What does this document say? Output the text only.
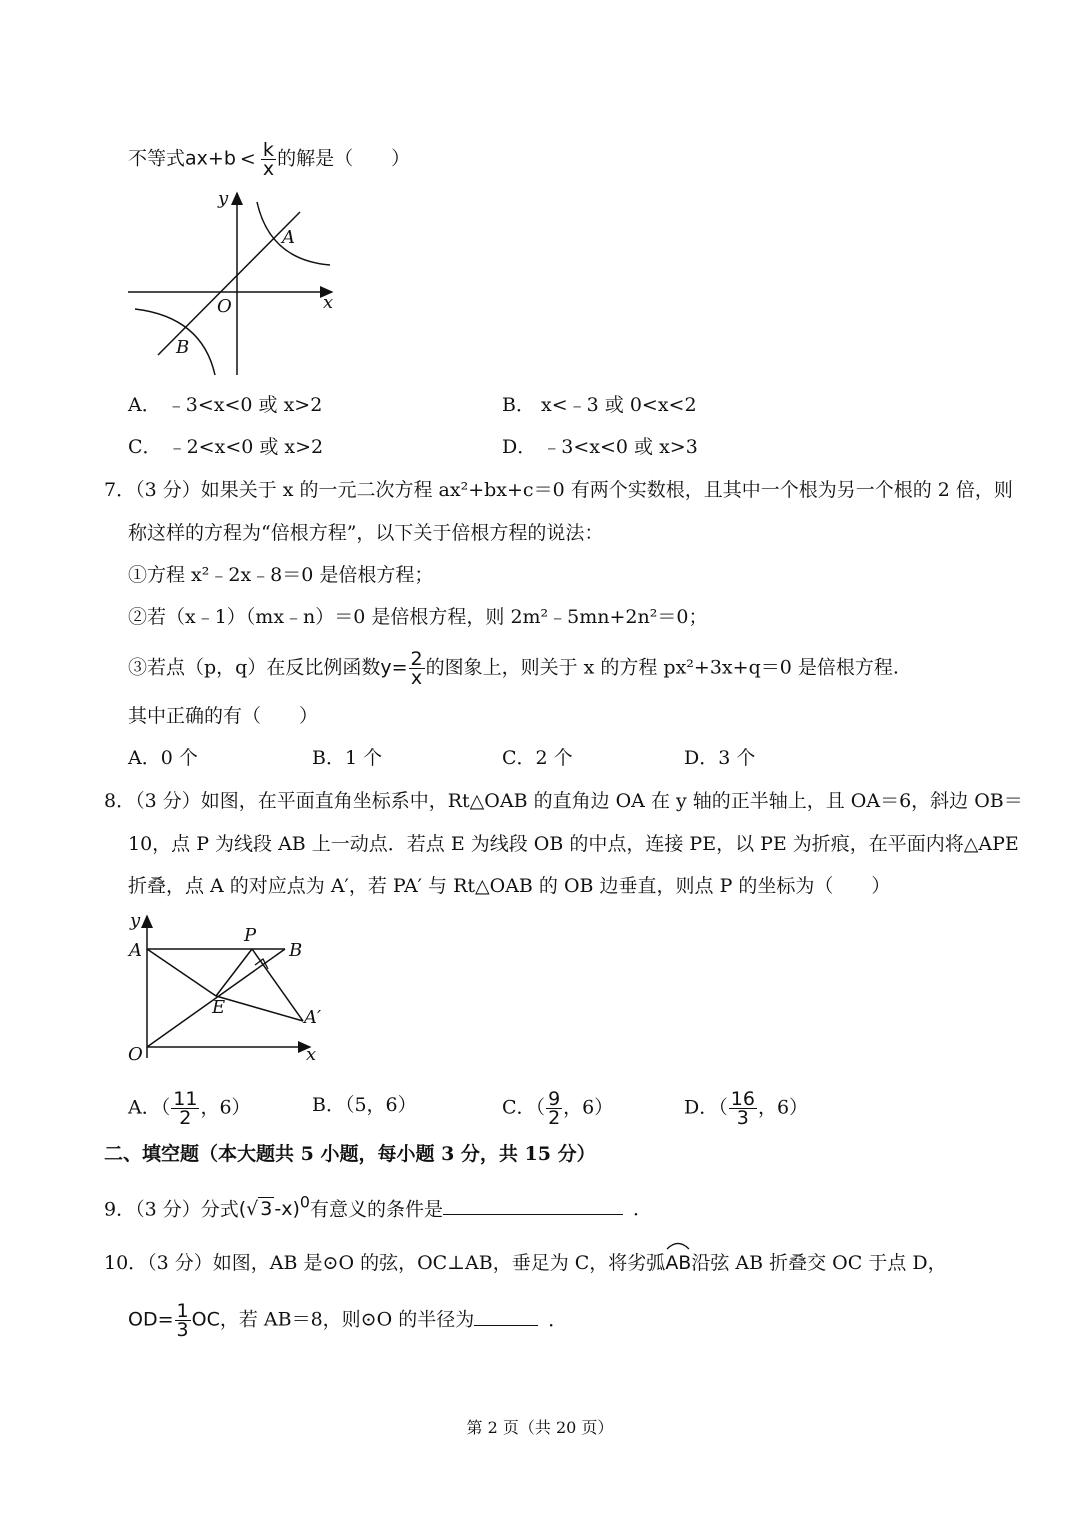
不等式$ax+b < \frac{k}{x}$ 的解是（　　）
y
x
O
A
B
A． ﹣3<x<0 或 x>2	B． x<﹣3 或 0<x<2
C． ﹣2<x<0 或 x>2	D． ﹣3<x<0 或 x>3
7．（3 分）如果关于 x 的一元二次方程 ax²+bx+c＝0 有两个实数根，且其中一个根为另一个根的 2 倍，则
称这样的方程为“倍根方程”，以下关于倍根方程的说法：
①方程 x²﹣2x﹣8＝0 是倍根方程；
②若（x﹣1）（mx﹣n）＝0 是倍根方程，则 2m²﹣5mn+2n²＝0；
③若点（p，q）在反比例函数$y= \frac{2}{x}$ 的图象上，则关于 x 的方程 px²+3x+q＝0 是倍根方程.
其中正确的有（　　）
A．0 个	B．1 个	C．2 个	D．3 个
8．（3 分）如图，在平面直角坐标系中，Rt△OAB 的直角边 OA 在 y 轴的正半轴上，且 OA＝6，斜边 OB＝
10，点 P 为线段 AB 上一动点．若点 E 为线段 OB 的中点，连接 PE，以 PE 为折痕，在平面内将△APE
折叠，点 A 的对应点为 A′，若 PA′ 与 Rt△OAB 的 OB 边垂直，则点 P 的坐标为（　　）
y
x
O
A	B
P
E	A′
A．（ $\frac{11}{2}$ ，6）	B．（5，6）	C．（ $\frac{9}{2}$ ，6）	D．（ $\frac{16}{3}$ ，6）
二、填空题（本大题共 5 小题，每小题 3 分，共 15 分）
9．（3 分）分式(√ 3 -x)$^0$有意义的条件是	．
10．（3 分）如图，AB 是⊙O 的弦，OC⊥AB，垂足为 C，将劣弧
AB沿弦 AB 折叠交 OC 于点 D，
$OD= \frac{1}{3}$ OC，若 AB＝8，则⊙O 的半径为	．
第 2 页（共 20 页）
